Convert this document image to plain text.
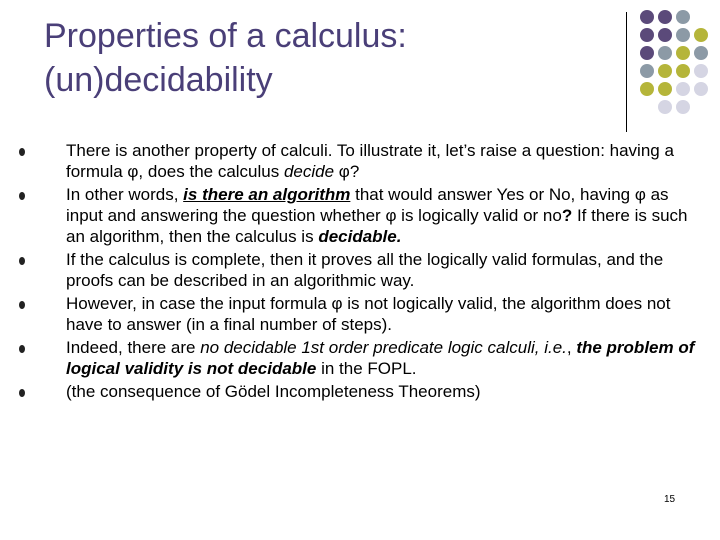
Properties of a calculus:
(un)decidability
There is another property of calculi. To illustrate it, let’s raise a question: having a formula φ, does the calculus decide φ?
In other words, is there an algorithm that would answer Yes or No, having φ as input and answering the question whether φ is logically valid or no? If there is such an algorithm, then the calculus is decidable.
If the calculus is complete, then it proves all the logically valid formulas, and the proofs can be described in an algorithmic way.
However, in case the input formula φ is not logically valid, the algorithm does not have to answer (in a final number of steps).
Indeed, there are no decidable 1st order predicate logic calculi, i.e., the problem of logical validity is not decidable in the FOPL.
(the consequence of Gödel Incompleteness Theorems)
15
